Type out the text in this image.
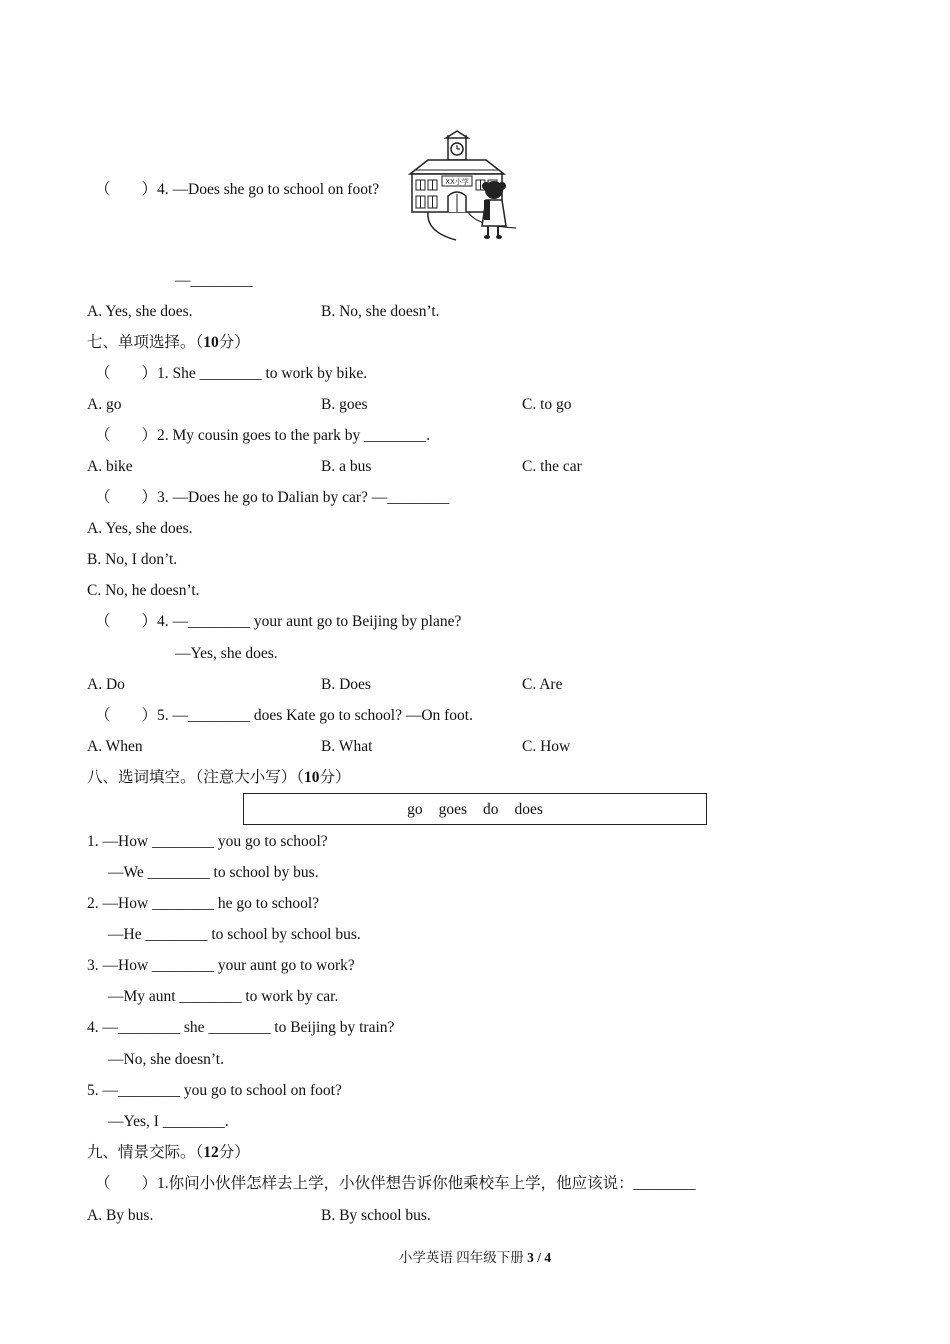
（　　）4. —Does she go to school on foot?	XX小学
—________
A. Yes, she does.	B. No, she doesn’t.
七、单项选择。（10分）
（　　）1. She ________ to work by bike.
A. go	B. goes	C. to go
（　　）2. My cousin goes to the park by ________.
A. bike	B. a bus	C. the car
（　　）3. —Does he go to Dalian by car? —________
A. Yes, she does.
B. No, I don’t.
C. No, he doesn’t.
（　　）4. —________ your aunt go to Beijing by plane?
—Yes, she does.
A. Do	B. Does	C. Are
（　　）5. —________ does Kate go to school? —On foot.
A. When	B. What	C. How
八、选词填空。（注意大小写）（10分）
go goes do does
1. —How ________ you go to school?
—We ________ to school by bus.
2. —How ________ he go to school?
—He ________ to school by school bus.
3. —How ________ your aunt go to work?
—My aunt ________ to work by car.
4. —________ she ________ to Beijing by train?
—No, she doesn’t.
5. —________ you go to school on foot?
—Yes, I ________.
九、情景交际。（12分）
（　　）1.你问小伙伴怎样去上学，小伙伴想告诉你他乘校车上学，他应该说：________
A. By bus.	B. By school bus.
小学英语 四年级下册 3 / 4
